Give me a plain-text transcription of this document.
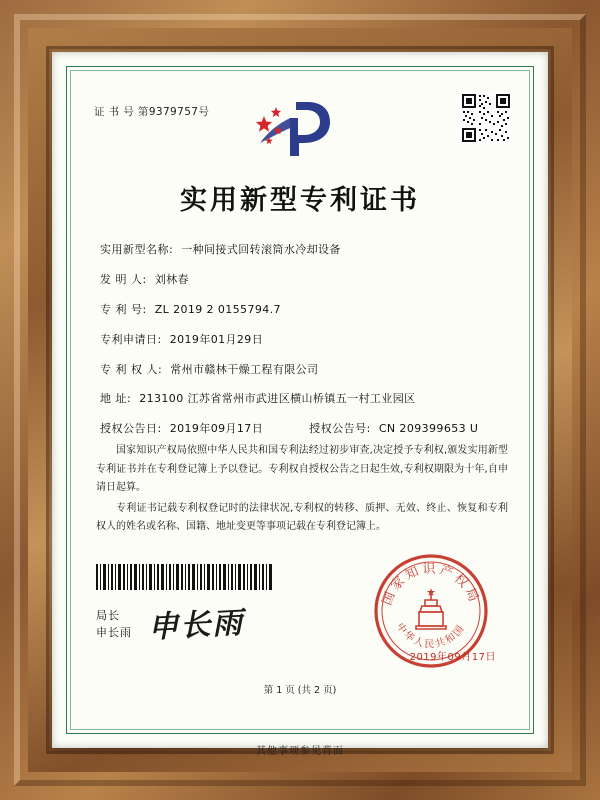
证 书 号 第9379757号
实用新型专利证书
实用新型名称: 一种间接式回转滚筒水冷却设备
发 明 人: 刘林春
专 利 号: ZL 2019 2 0155794.7
专利申请日: 2019年01月29日
专 利 权 人: 常州市赣林干燥工程有限公司
地 址: 213100 江苏省常州市武进区横山桥镇五一村工业园区
授权公告日: 2019年09月17日	授权公告号: CN 209399653 U

国家知识产权局依照中华人民共和国专利法经过初步审查,决定授予专利权,颁发实用新型专利证书并在专利登记簿上予以登记。专利权自授权公告之日起生效,专利权期限为十年,自申请日起算。

专利证书记载专利权登记时的法律状况,专利权的转移、质押、无效、终止、恢复和专利权人的姓名或名称、国籍、地址变更等事项记载在专利登记簿上。

局长
申长雨 申长雨
国家知识产权局
中华人民共和国
2019年09月17日
第 1 页 (共 2 页)
其他事项参见背面
